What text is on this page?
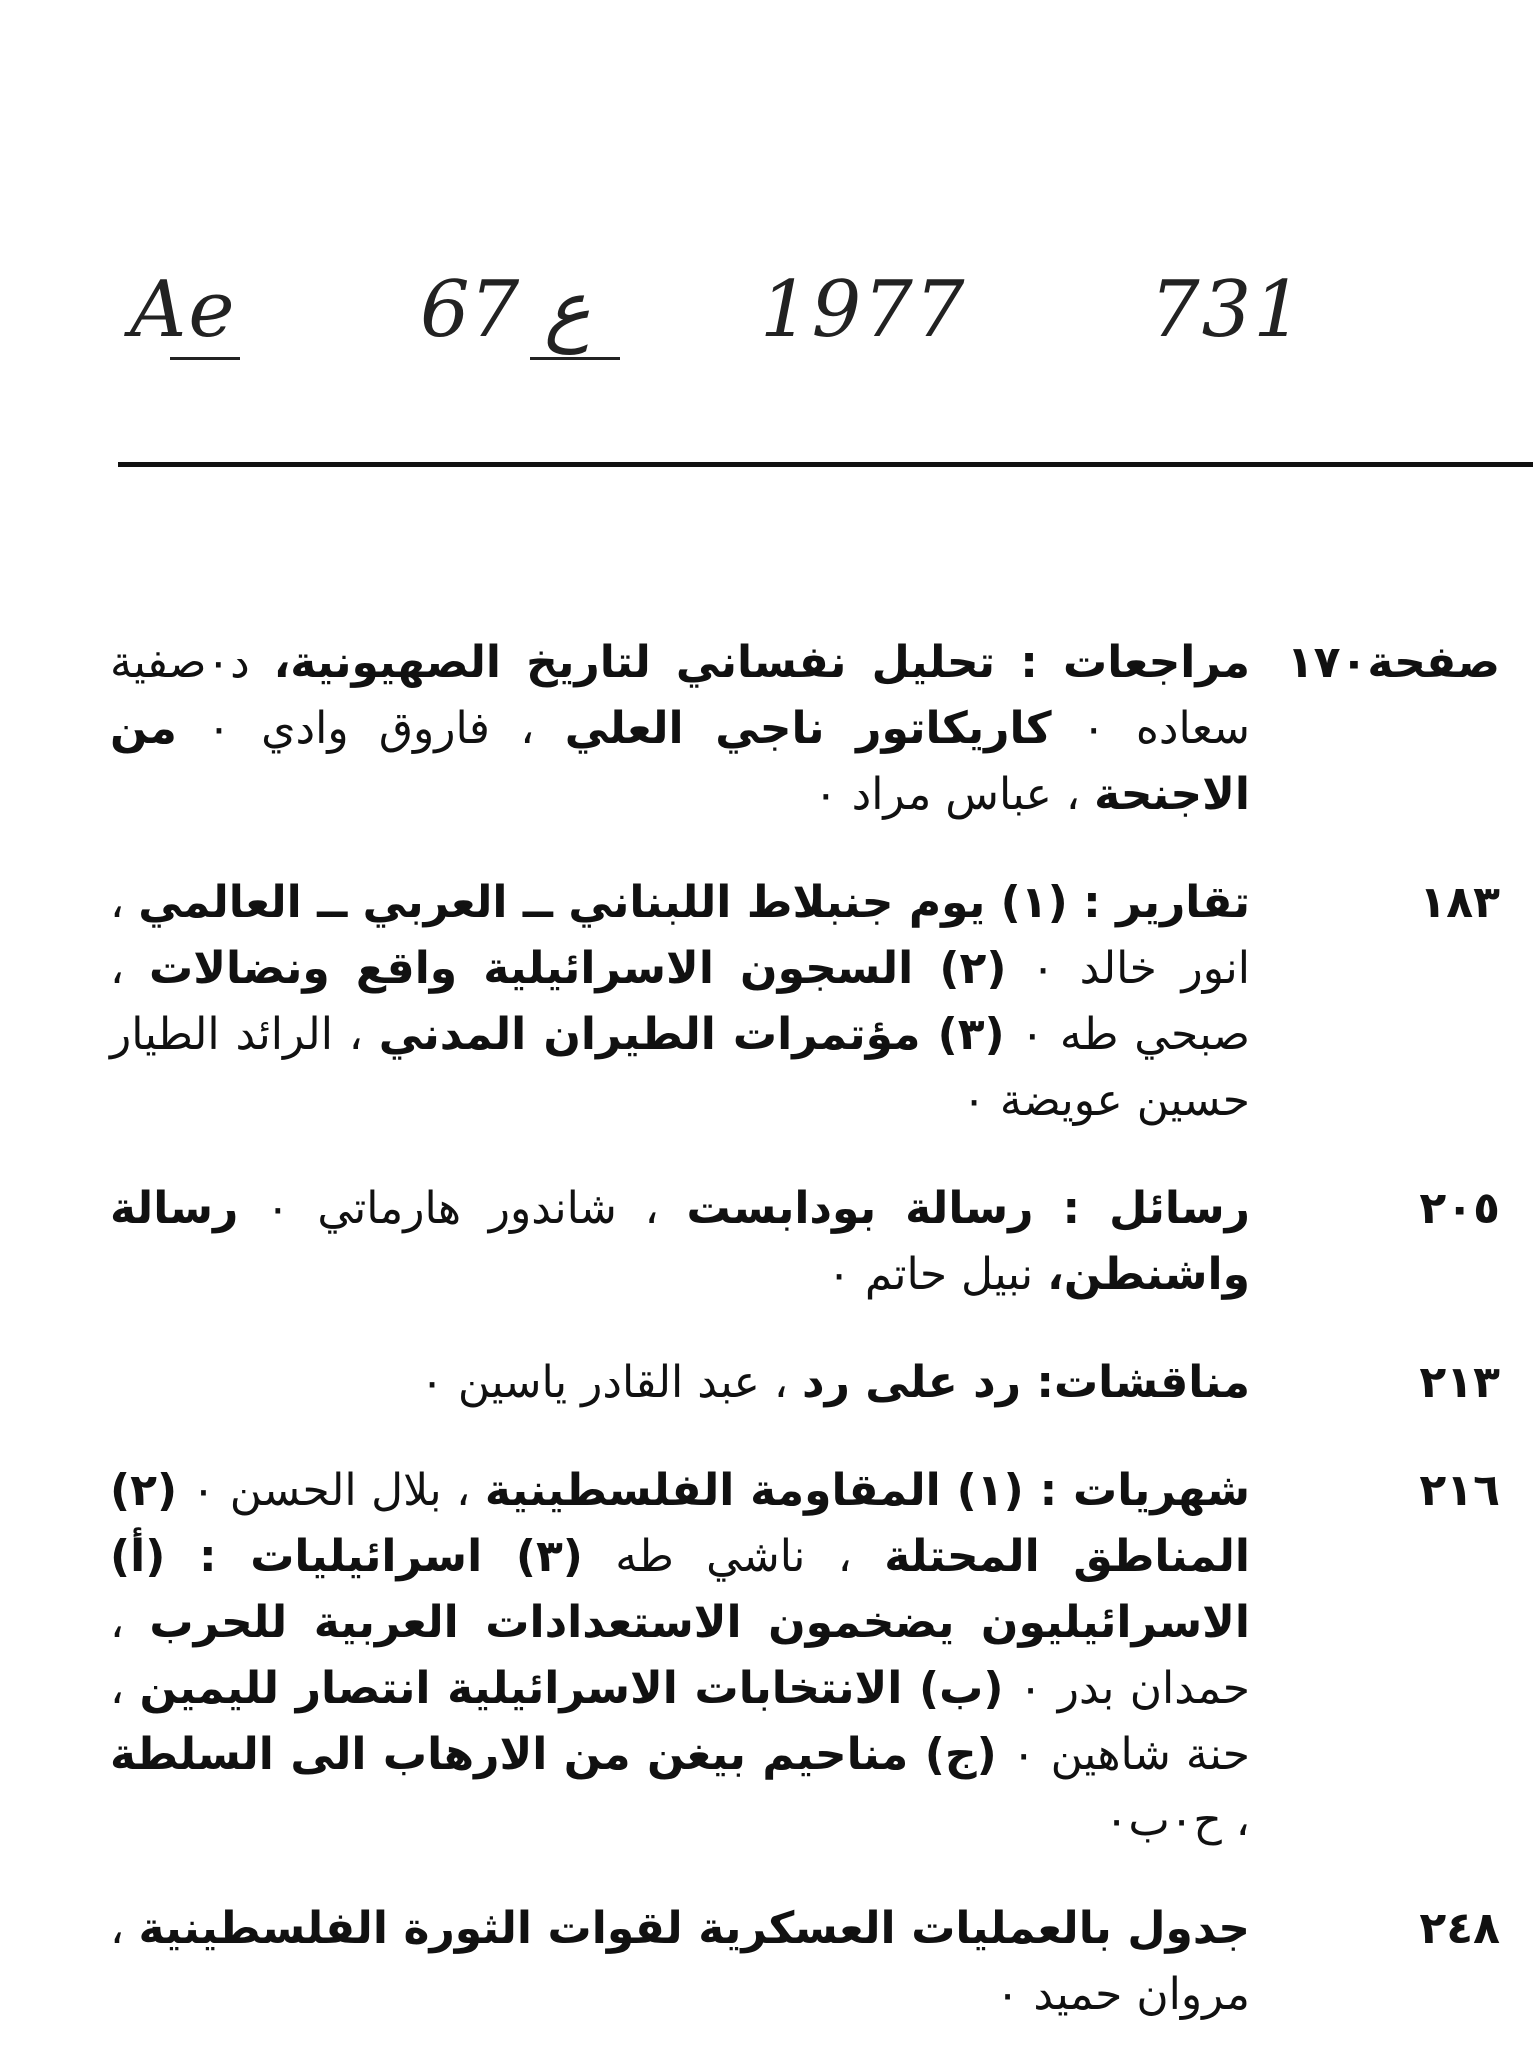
Ae 67 ع 1977 731
صفحة١٧٠
مراجعات : تحليل نفساني لتاريخ الصهيونية، د٠صفية سعاده ٠ كاريكاتور ناجي العلي ، فاروق وادي ٠ من الاجنحة ، عباس مراد ٠
١٨٣
تقارير : (١) يوم جنبلاط اللبناني ــ العربي ــ العالمي ، انور خالد ٠ (٢) السجون الاسرائيلية واقع ونضالات ، صبحي طه ٠ (٣) مؤتمرات الطيران المدني ، الرائد الطيار حسين عويضة ٠
٢٠٥
رسائل : رسالة بودابست ، شاندور هارماتي ٠ رسالة واشنطن، نبيل حاتم ٠
٢١٣
مناقشات: رد على رد ، عبد القادر ياسين ٠
٢١٦
شهريات : (١) المقاومة الفلسطينية ، بلال الحسن ٠ (٢) المناطق المحتلة ، ناشي طه (٣) اسرائيليات : (أ) الاسرائيليون يضخمون الاستعدادات العربية للحرب ، حمدان بدر ٠ (ب) الانتخابات الاسرائيلية انتصار لليمين ، حنة شاهين ٠ (ج) مناحيم بيغن من الارهاب الى السلطة ، ح٠ب٠
٢٤٨
جدول بالعمليات العسكرية لقوات الثورة الفلسطينية ، مروان حميد ٠
